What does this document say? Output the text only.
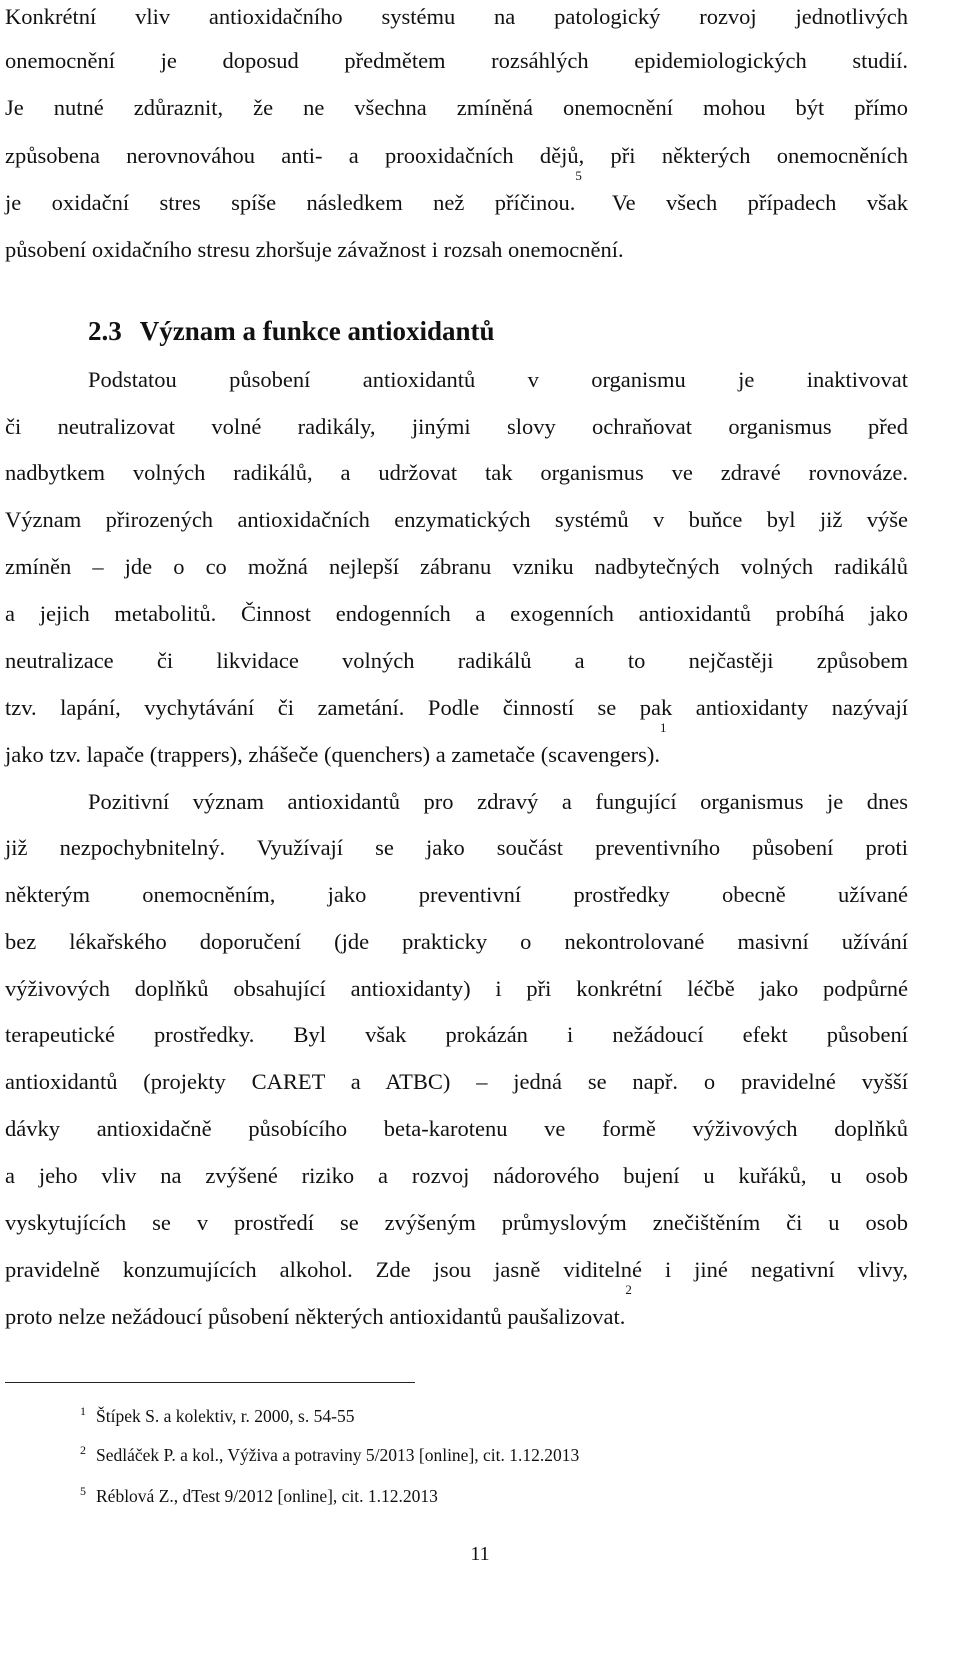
Konkrétní vliv antioxidačního systému na patologický rozvoj jednotlivých

onemocnění je doposud předmětem rozsáhlých epidemiologických studií.

Je nutné zdůraznit, že ne všechna zmíněná onemocnění mohou být přímo

způsobena nerovnováhou anti- a prooxidačních dějů, při některých onemocněních

je oxidační stres spíše následkem než příčinou.$^5$ Ve všech případech však

působení oxidačního stresu zhoršuje závažnost i rozsah onemocnění.

2.3 Význam a funkce antioxidantů

Podstatou působení antioxidantů v organismu je inaktivovat

či neutralizovat volné radikály, jinými slovy ochraňovat organismus před

nadbytkem volných radikálů, a udržovat tak organismus ve zdravé rovnováze.

Význam přirozených antioxidačních enzymatických systémů v buňce byl již výše

zmíněn – jde o co možná nejlepší zábranu vzniku nadbytečných volných radikálů

a jejich metabolitů. Činnost endogenních a exogenních antioxidantů probíhá jako

neutralizace či likvidace volných radikálů a to nejčastěji způsobem

tzv. lapání, vychytávání či zametání. Podle činností se pak antioxidanty nazývají

jako tzv. lapače (trappers), zhášeče (quenchers) a zametače (scavengers).$^1$

Pozitivní význam antioxidantů pro zdravý a fungující organismus je dnes

již nezpochybnitelný. Využívají se jako součást preventivního působení proti

některým onemocněním, jako preventivní prostředky obecně užívané

bez lékařského doporučení (jde prakticky o nekontrolované masivní užívání

výživových doplňků obsahující antioxidanty) i při konkrétní léčbě jako podpůrné

terapeutické prostředky. Byl však prokázán i nežádoucí efekt působení

antioxidantů (projekty CARET a ATBC) – jedná se např. o pravidelné vyšší

dávky antioxidačně působícího beta-karotenu ve formě výživových doplňků

a jeho vliv na zvýšené riziko a rozvoj nádorového bujení u kuřáků, u osob

vyskytujících se v prostředí se zvýšeným průmyslovým znečištěním či u osob

pravidelně konzumujících alkohol. Zde jsou jasně viditelné i jiné negativní vlivy,

proto nelze nežádoucí působení některých antioxidantů paušalizovat.$^2$

$^1$ Štípek S. a kolektiv, r. 2000, s. 54-55
$^2$ Sedláček P. a kol., Výživa a potraviny 5/2013 [online], cit. 1.12.2013
$^5$ Réblová Z., dTest 9/2012 [online], cit. 1.12.2013
11
